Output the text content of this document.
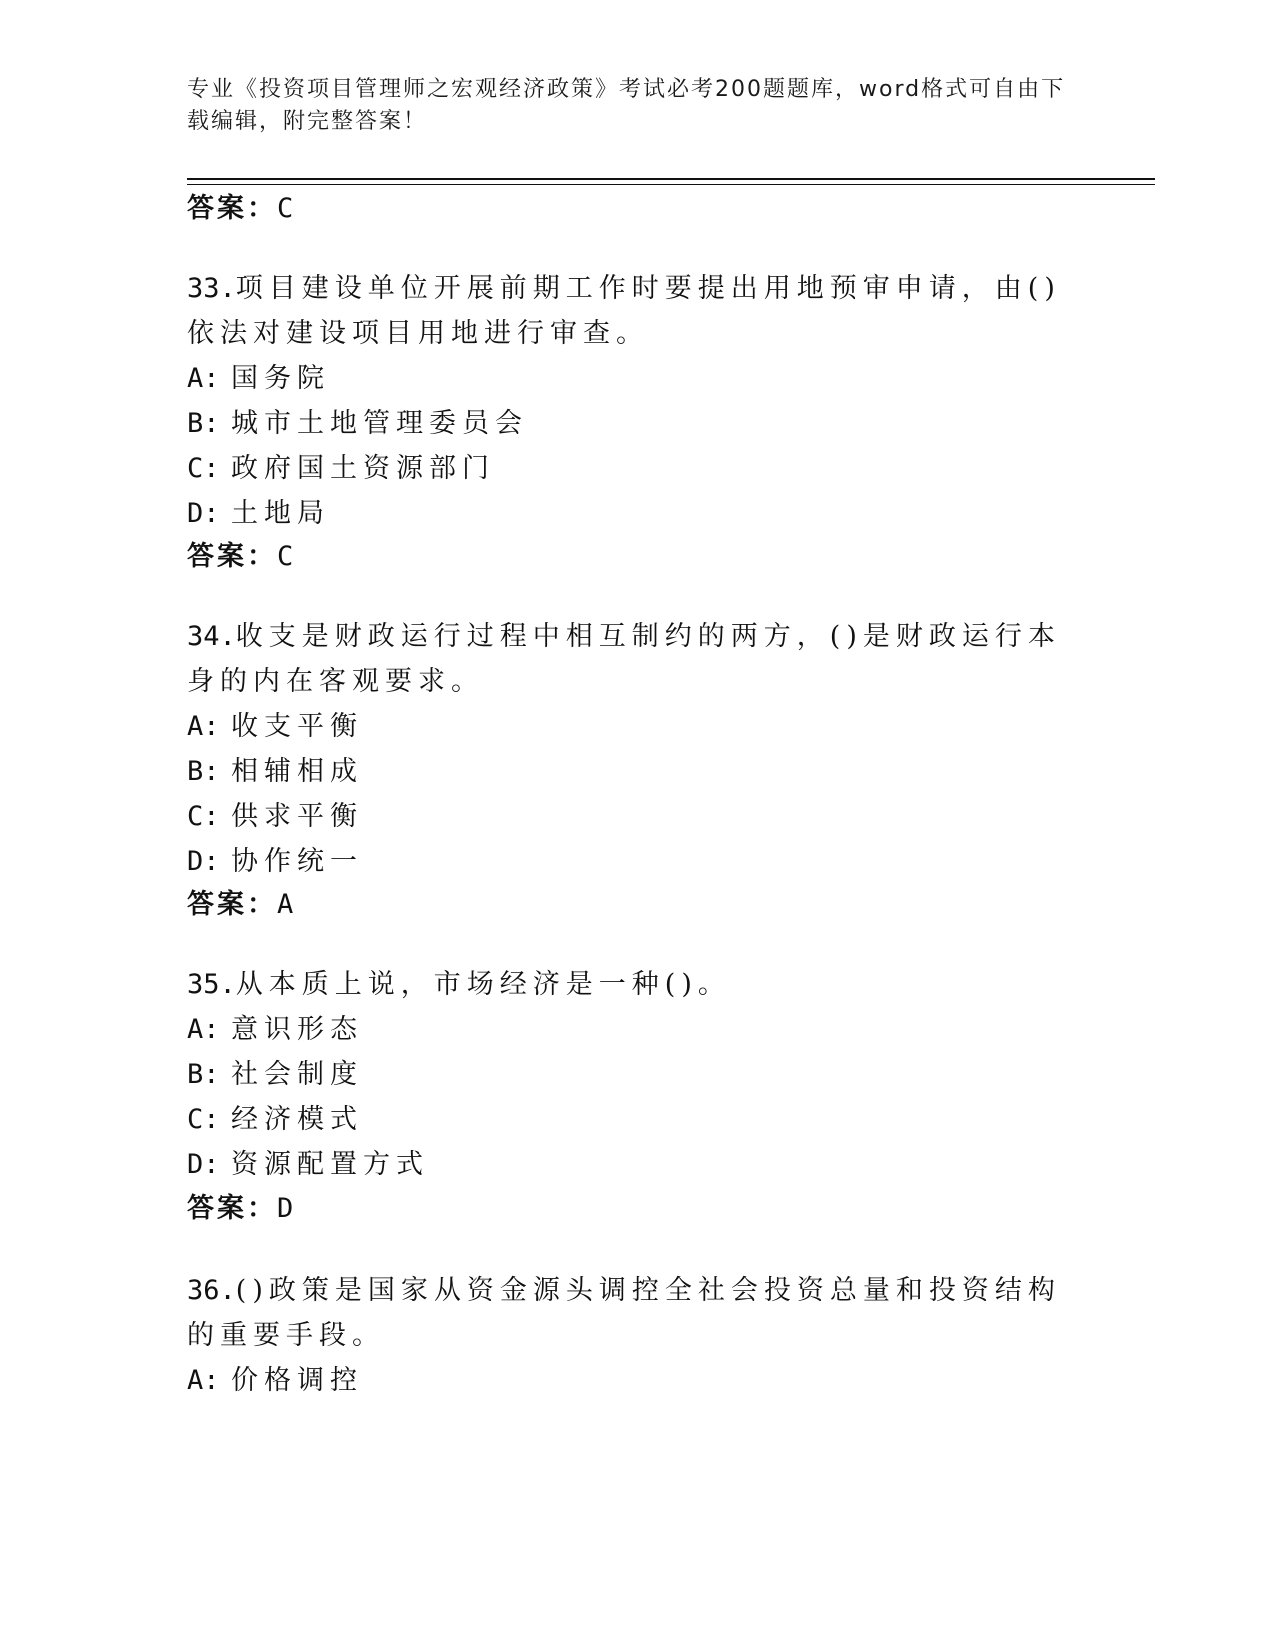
专业《投资项目管理师之宏观经济政策》考试必考200题题库，word格式可自由下载编辑，附完整答案！
答案：C
33.项目建设单位开展前期工作时要提出用地预审申请，由()依法对建设项目用地进行审查。
A: 国务院
B: 城市土地管理委员会
C: 政府国土资源部门
D: 土地局
答案：C
34.收支是财政运行过程中相互制约的两方，()是财政运行本身的内在客观要求。
A: 收支平衡
B: 相辅相成
C: 供求平衡
D: 协作统一
答案：A
35.从本质上说，市场经济是一种()。
A: 意识形态
B: 社会制度
C: 经济模式
D: 资源配置方式
答案：D
36.()政策是国家从资金源头调控全社会投资总量和投资结构的重要手段。
A: 价格调控
